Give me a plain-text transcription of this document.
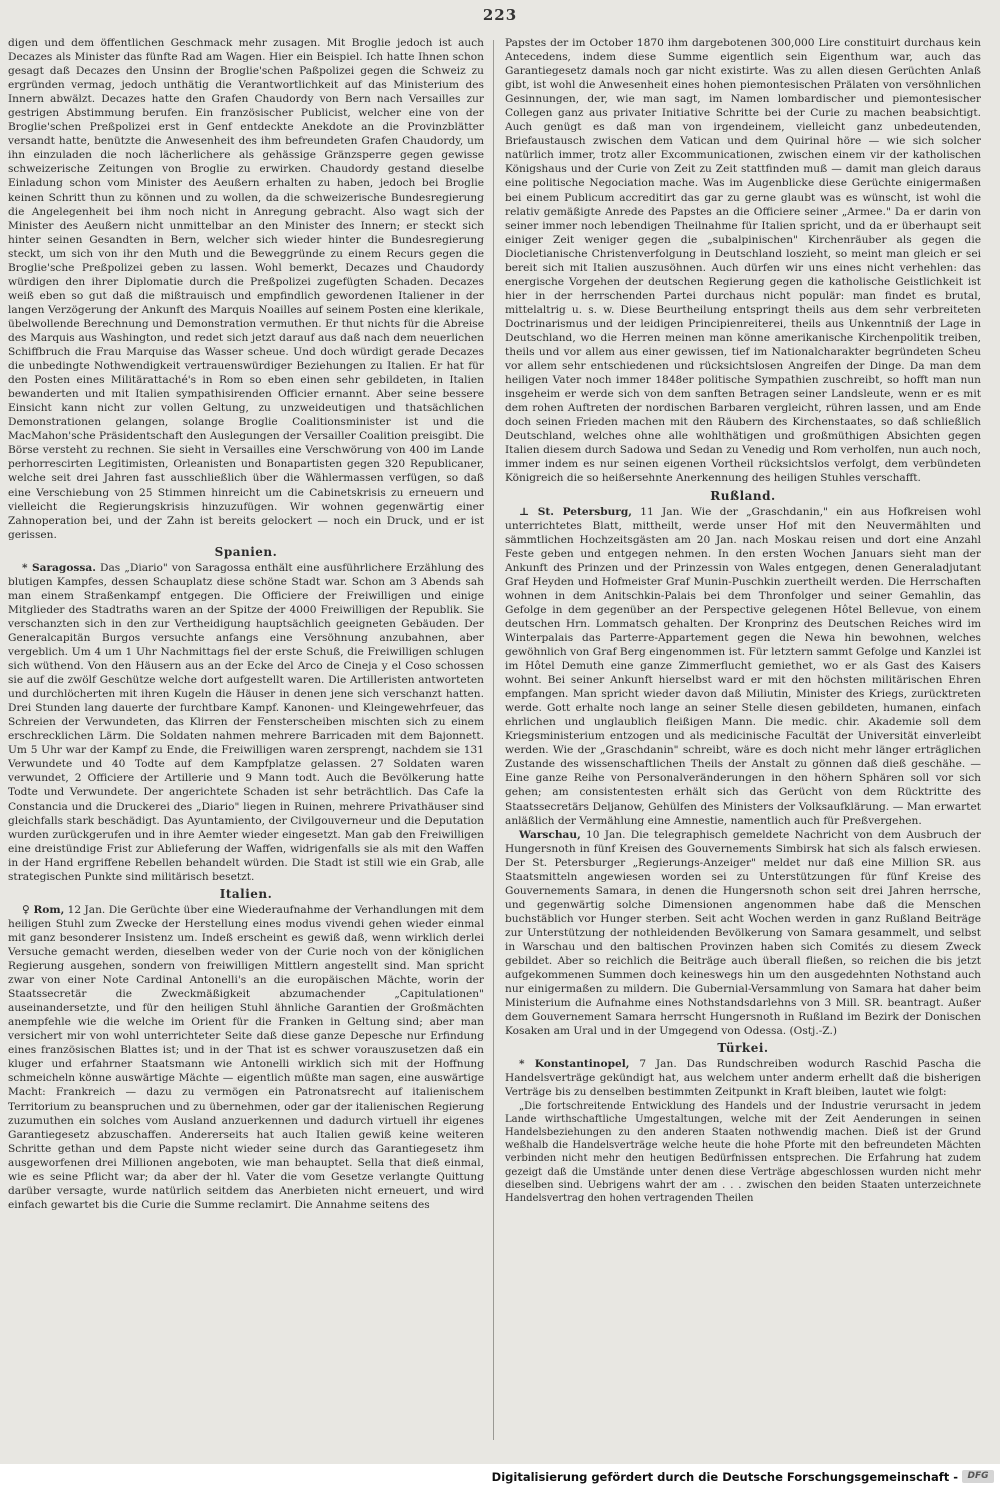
223

digen und dem öffentlichen Geschmack mehr zusagen. Mit Broglie jedoch ist auch Decazes als Minister das fünfte Rad am Wagen. Hier ein Beispiel. Ich hatte Ihnen schon gesagt daß Decazes den Unsinn der Broglie'schen Paßpolizei gegen die Schweiz zu ergründen vermag, jedoch unthätig die Verantwortlichkeit auf das Ministerium des Innern abwälzt. Decazes hatte den Grafen Chaudordy von Bern nach Versailles zur gestrigen Abstimmung berufen. Ein französischer Publicist, welcher eine von der Broglie'schen Preßpolizei erst in Genf entdeckte Anekdote an die Provinzblätter versandt hatte, benützte die Anwesenheit des ihm befreundeten Grafen Chaudordy, um ihn einzuladen die noch lächerlichere als gehässige Gränzsperre gegen gewisse schweizerische Zeitungen von Broglie zu erwirken. Chaudordy gestand dieselbe Einladung schon vom Minister des Aeußern erhalten zu haben, jedoch bei Broglie keinen Schritt thun zu können und zu wollen, da die schweizerische Bundesregierung die Angelegenheit bei ihm noch nicht in Anregung gebracht. Also wagt sich der Minister des Aeußern nicht unmittelbar an den Minister des Innern; er steckt sich hinter seinen Gesandten in Bern, welcher sich wieder hinter die Bundesregierung steckt, um sich von ihr den Muth und die Beweggründe zu einem Recurs gegen die Broglie'sche Preßpolizei geben zu lassen. Wohl bemerkt, Decazes und Chaudordy würdigen den ihrer Diplomatie durch die Preßpolizei zugefügten Schaden. Decazes weiß eben so gut daß die mißtrauisch und empfindlich gewordenen Italiener in der langen Verzögerung der Ankunft des Marquis Noailles auf seinem Posten eine klerikale, übelwollende Berechnung und Demonstration vermuthen. Er thut nichts für die Abreise des Marquis aus Washington, und redet sich jetzt darauf aus daß nach dem neuerlichen Schiffbruch die Frau Marquise das Wasser scheue. Und doch würdigt gerade Decazes die unbedingte Nothwendigkeit vertrauenswürdiger Beziehungen zu Italien. Er hat für den Posten eines Militärattaché's in Rom so eben einen sehr gebildeten, in Italien bewanderten und mit Italien sympathisirenden Officier ernannt. Aber seine bessere Einsicht kann nicht zur vollen Geltung, zu unzweideutigen und thatsächlichen Demonstrationen gelangen, solange Broglie Coalitionsminister ist und die MacMahon'sche Präsidentschaft den Auslegungen der Versailler Coalition preisgibt. Die Börse versteht zu rechnen. Sie sieht in Versailles eine Verschwörung von 400 im Lande perhorrescirten Legitimisten, Orleanisten und Bonapartisten gegen 320 Republicaner, welche seit drei Jahren fast ausschließlich über die Wählermassen verfügen, so daß eine Verschiebung von 25 Stimmen hinreicht um die Cabinetskrisis zu erneuern und vielleicht die Regierungskrisis hinzuzufügen. Wir wohnen gegenwärtig einer Zahnoperation bei, und der Zahn ist bereits gelockert — noch ein Druck, und er ist gerissen.

Spanien.

* Saragossa. Das „Diario" von Saragossa enthält eine ausführlichere Erzählung des blutigen Kampfes, dessen Schauplatz diese schöne Stadt war. Schon am 3 Abends sah man einem Straßenkampf entgegen. Die Officiere der Freiwilligen und einige Mitglieder des Stadtraths waren an der Spitze der 4000 Freiwilligen der Republik. Sie verschanzten sich in den zur Vertheidigung hauptsächlich geeigneten Gebäuden. Der Generalcapitän Burgos versuchte anfangs eine Versöhnung anzubahnen, aber vergeblich. Um 4 um 1 Uhr Nachmittags fiel der erste Schuß, die Freiwilligen schlugen sich wüthend. Von den Häusern aus an der Ecke del Arco de Cineja y el Coso schossen sie auf die zwölf Geschütze welche dort aufgestellt waren. Die Artilleristen antworteten und durchlöcherten mit ihren Kugeln die Häuser in denen jene sich verschanzt hatten. Drei Stunden lang dauerte der furchtbare Kampf. Kanonen- und Kleingewehrfeuer, das Schreien der Verwundeten, das Klirren der Fensterscheiben mischten sich zu einem erschrecklichen Lärm. Die Soldaten nahmen mehrere Barricaden mit dem Bajonnett. Um 5 Uhr war der Kampf zu Ende, die Freiwilligen waren zersprengt, nachdem sie 131 Verwundete und 40 Todte auf dem Kampfplatze gelassen. 27 Soldaten waren verwundet, 2 Officiere der Artillerie und 9 Mann todt. Auch die Bevölkerung hatte Todte und Verwundete. Der angerichtete Schaden ist sehr beträchtlich. Das Cafe la Constancia und die Druckerei des „Diario" liegen in Ruinen, mehrere Privathäuser sind gleichfalls stark beschädigt. Das Ayuntamiento, der Civilgouverneur und die Deputation wurden zurückgerufen und in ihre Aemter wieder eingesetzt. Man gab den Freiwilligen eine dreistündige Frist zur Ablieferung der Waffen, widrigenfalls sie als mit den Waffen in der Hand ergriffene Rebellen behandelt würden. Die Stadt ist still wie ein Grab, alle strategischen Punkte sind militärisch besetzt.

Italien.

♀ Rom, 12 Jan. Die Gerüchte über eine Wiederaufnahme der Verhandlungen mit dem heiligen Stuhl zum Zwecke der Herstellung eines modus vivendi gehen wieder einmal mit ganz besonderer Insistenz um. Indeß erscheint es gewiß daß, wenn wirklich derlei Versuche gemacht werden, dieselben weder von der Curie noch von der königlichen Regierung ausgehen, sondern von freiwilligen Mittlern angestellt sind. Man spricht zwar von einer Note Cardinal Antonelli's an die europäischen Mächte, worin der Staatssecretär die Zweckmäßigkeit abzumachender „Capitulationen" auseinandersetzte, und für den heiligen Stuhl ähnliche Garantien der Großmächten anempfehle wie die welche im Orient für die Franken in Geltung sind; aber man versichert mir von wohl unterrichteter Seite daß diese ganze Depesche nur Erfindung eines französischen Blattes ist; und in der That ist es schwer vorauszusetzen daß ein kluger und erfahrner Staatsmann wie Antonelli wirklich sich mit der Hoffnung schmeicheln könne auswärtige Mächte — eigentlich müßte man sagen, eine auswärtige Macht: Frankreich — dazu zu vermögen ein Patronatsrecht auf italienischem Territorium zu beanspruchen und zu übernehmen, oder gar der italienischen Regierung zuzumuthen ein solches vom Ausland anzuerkennen und dadurch virtuell ihr eigenes Garantiegesetz abzuschaffen. Andererseits hat auch Italien gewiß keine weiteren Schritte gethan und dem Papste nicht wieder seine durch das Garantiegesetz ihm ausgeworfenen drei Millionen angeboten, wie man behauptet. Sella that dieß einmal, wie es seine Pflicht war; da aber der hl. Vater die vom Gesetze verlangte Quittung darüber versagte, wurde natürlich seitdem das Anerbieten nicht erneuert, und wird einfach gewartet bis die Curie die Summe reclamirt. Die Annahme seitens des

Papstes der im October 1870 ihm dargebotenen 300,000 Lire constituirt durchaus kein Antecedens, indem diese Summe eigentlich sein Eigenthum war, auch das Garantiegesetz damals noch gar nicht existirte. Was zu allen diesen Gerüchten Anlaß gibt, ist wohl die Anwesenheit eines hohen piemontesischen Prälaten von versöhnlichen Gesinnungen, der, wie man sagt, im Namen lombardischer und piemontesischer Collegen ganz aus privater Initiative Schritte bei der Curie zu machen beabsichtigt. Auch genügt es daß man von irgendeinem, vielleicht ganz unbedeutenden, Briefaustausch zwischen dem Vatican und dem Quirinal höre — wie sich solcher natürlich immer, trotz aller Excommunicationen, zwischen einem vir der katholischen Königshaus und der Curie von Zeit zu Zeit stattfinden muß — damit man gleich daraus eine politische Negociation mache. Was im Augenblicke diese Gerüchte einigermaßen bei einem Publicum accreditirt das gar zu gerne glaubt was es wünscht, ist wohl die relativ gemäßigte Anrede des Papstes an die Officiere seiner „Armee." Da er darin von seiner immer noch lebendigen Theilnahme für Italien spricht, und da er überhaupt seit einiger Zeit weniger gegen die „subalpinischen" Kirchenräuber als gegen die Diocletianische Christenverfolgung in Deutschland loszieht, so meint man gleich er sei bereit sich mit Italien auszusöhnen. Auch dürfen wir uns eines nicht verhehlen: das energische Vorgehen der deutschen Regierung gegen die katholische Geistlichkeit ist hier in der herrschenden Partei durchaus nicht populär: man findet es brutal, mittelaltrig u. s. w. Diese Beurtheilung entspringt theils aus dem sehr verbreiteten Doctrinarismus und der leidigen Principienreiterei, theils aus Unkenntniß der Lage in Deutschland, wo die Herren meinen man könne amerikanische Kirchenpolitik treiben, theils und vor allem aus einer gewissen, tief im Nationalcharakter begründeten Scheu vor allem sehr entschiedenen und rücksichtslosen Angreifen der Dinge. Da man dem heiligen Vater noch immer 1848er politische Sympathien zuschreibt, so hofft man nun insgeheim er werde sich von dem sanften Betragen seiner Landsleute, wenn er es mit dem rohen Auftreten der nordischen Barbaren vergleicht, rühren lassen, und am Ende doch seinen Frieden machen mit den Räubern des Kirchenstaates, so daß schließlich Deutschland, welches ohne alle wohlthätigen und großmüthigen Absichten gegen Italien diesem durch Sadowa und Sedan zu Venedig und Rom verholfen, nun auch noch, immer indem es nur seinen eigenen Vortheil rücksichtslos verfolgt, dem verbündeten Königreich die so heißersehnte Anerkennung des heiligen Stuhles verschafft.

Rußland.

⊥ St. Petersburg, 11 Jan. Wie der „Graschdanin," ein aus Hofkreisen wohl unterrichtetes Blatt, mittheilt, werde unser Hof mit den Neuvermählten und sämmtlichen Hochzeitsgästen am 20 Jan. nach Moskau reisen und dort eine Anzahl Feste geben und entgegen nehmen. In den ersten Wochen Januars sieht man der Ankunft des Prinzen und der Prinzessin von Wales entgegen, denen Generaladjutant Graf Heyden und Hofmeister Graf Munin-Puschkin zuertheilt werden. Die Herrschaften wohnen in dem Anitschkin-Palais bei dem Thronfolger und seiner Gemahlin, das Gefolge in dem gegenüber an der Perspective gelegenen Hôtel Bellevue, von einem deutschen Hrn. Lommatsch gehalten. Der Kronprinz des Deutschen Reiches wird im Winterpalais das Parterre-Appartement gegen die Newa hin bewohnen, welches gewöhnlich von Graf Berg eingenommen ist. Für letztern sammt Gefolge und Kanzlei ist im Hôtel Demuth eine ganze Zimmerflucht gemiethet, wo er als Gast des Kaisers wohnt. Bei seiner Ankunft hierselbst ward er mit den höchsten militärischen Ehren empfangen. Man spricht wieder davon daß Miliutin, Minister des Kriegs, zurücktreten werde. Gott erhalte noch lange an seiner Stelle diesen gebildeten, humanen, einfach ehrlichen und unglaublich fleißigen Mann. Die medic. chir. Akademie soll dem Kriegsministerium entzogen und als medicinische Facultät der Universität einverleibt werden. Wie der „Graschdanin" schreibt, wäre es doch nicht mehr länger erträglichen Zustande des wissenschaftlichen Theils der Anstalt zu gönnen daß dieß geschähe. — Eine ganze Reihe von Personalveränderungen in den höhern Sphären soll vor sich gehen; am consistentesten erhält sich das Gerücht von dem Rücktritte des Staatssecretärs Deljanow, Gehülfen des Ministers der Volksaufklärung. — Man erwartet anläßlich der Vermählung eine Amnestie, namentlich auch für Preßvergehen.

Warschau, 10 Jan. Die telegraphisch gemeldete Nachricht von dem Ausbruch der Hungersnoth in fünf Kreisen des Gouvernements Simbirsk hat sich als falsch erwiesen. Der St. Petersburger „Regierungs-Anzeiger" meldet nur daß eine Million SR. aus Staatsmitteln angewiesen worden sei zu Unterstützungen für fünf Kreise des Gouvernements Samara, in denen die Hungersnoth schon seit drei Jahren herrsche, und gegenwärtig solche Dimensionen angenommen habe daß die Menschen buchstäblich vor Hunger sterben. Seit acht Wochen werden in ganz Rußland Beiträge zur Unterstützung der nothleidenden Bevölkerung von Samara gesammelt, und selbst in Warschau und den baltischen Provinzen haben sich Comités zu diesem Zweck gebildet. Aber so reichlich die Beiträge auch überall fließen, so reichen die bis jetzt aufgekommenen Summen doch keineswegs hin um den ausgedehnten Nothstand auch nur einigermaßen zu mildern. Die Gubernial-Versammlung von Samara hat daher beim Ministerium die Aufnahme eines Nothstandsdarlehns von 3 Mill. SR. beantragt. Außer dem Gouvernement Samara herrscht Hungersnoth in Rußland im Bezirk der Donischen Kosaken am Ural und in der Umgegend von Odessa. (Ostj.-Z.)

Türkei.

* Konstantinopel, 7 Jan. Das Rundschreiben wodurch Raschid Pascha die Handelsverträge gekündigt hat, aus welchem unter anderm erhellt daß die bisherigen Verträge bis zu denselben bestimmten Zeitpunkt in Kraft bleiben, lautet wie folgt:

„Die fortschreitende Entwicklung des Handels und der Industrie verursacht in jedem Lande wirthschaftliche Umgestaltungen, welche mit der Zeit Aenderungen in seinen Handelsbeziehungen zu den anderen Staaten nothwendig machen. Dieß ist der Grund weßhalb die Handelsverträge welche heute die hohe Pforte mit den befreundeten Mächten verbinden nicht mehr den heutigen Bedürfnissen entsprechen. Die Erfahrung hat zudem gezeigt daß die Umstände unter denen diese Verträge abgeschlossen wurden nicht mehr dieselben sind. Uebrigens wahrt der am . . . zwischen den beiden Staaten unterzeichnete Handelsvertrag den hohen vertragenden Theilen

Digitalisierung gefördert durch die Deutsche Forschungsgemeinschaft -	DFG
